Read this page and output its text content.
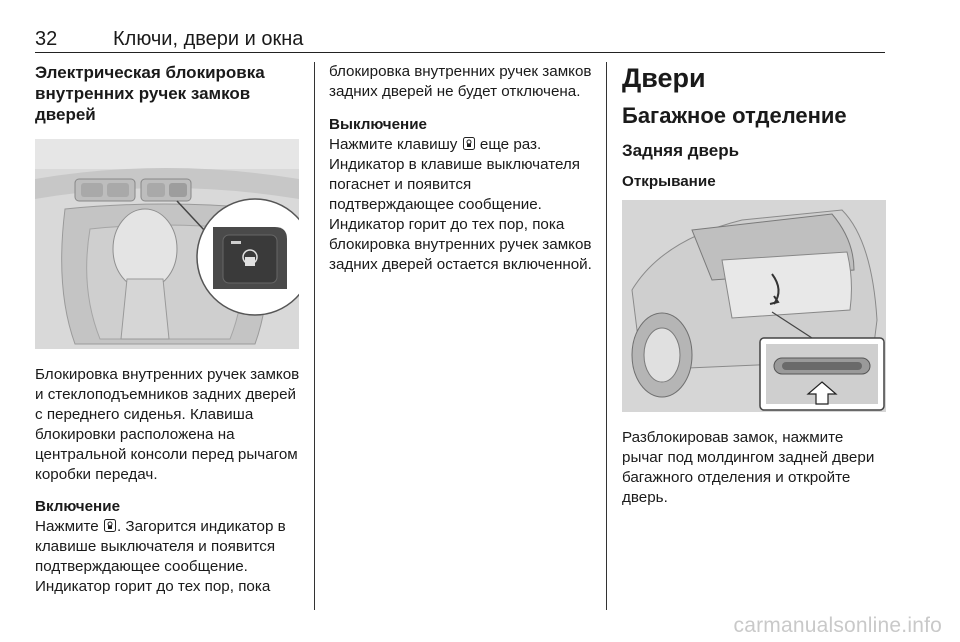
32	Ключи, двери и окна

Электрическая блокировка внутренних ручек замков дверей

Блокировка внутренних ручек замков и стеклоподъемников задних дверей с переднего сиденья. Клавиша блокировки расположена на центральной консоли перед рычагом коробки передач.

Включение

Нажмите . Загорится индикатор в клавише выключателя и появится подтверждающее сообщение. Индикатор горит до тех пор, пока

блокировка внутренних ручек замков задних дверей не будет отключена.

Выключение

Нажмите клавишу еще раз.

Индикатор в клавише выключателя погаснет и появится подтверждающее сообщение. Индикатор горит до тех пор, пока блокировка внутренних ручек замков задних дверей остается включенной.

Двери

Багажное отделение

Задняя дверь

Открывание

Разблокировав замок, нажмите рычаг под молдингом задней двери багажного отделения и откройте дверь.

carmanualsonline.info
